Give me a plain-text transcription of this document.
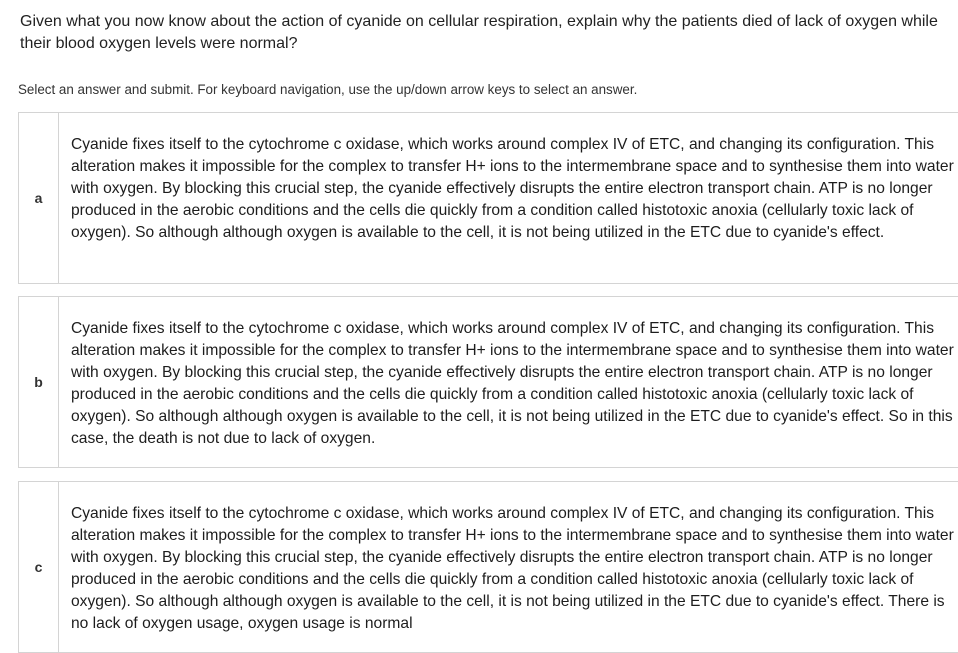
Given what you now know about the action of cyanide on cellular respiration, explain why the patients died of lack of oxygen while their blood oxygen levels were normal?
Select an answer and submit. For keyboard navigation, use the up/down arrow keys to select an answer.
a
Cyanide fixes itself to the cytochrome c oxidase, which works around complex IV of ETC, and changing its configuration. This alteration makes it impossible for the complex to transfer H+ ions to the intermembrane space and to synthesise them into water with oxygen. By blocking this crucial step, the cyanide effectively disrupts the entire electron transport chain. ATP is no longer produced in the aerobic conditions and the cells die quickly from a condition called histotoxic anoxia (cellularly toxic lack of oxygen). So although although oxygen is available to the cell, it is not being utilized in the ETC due to cyanide's effect.
b
Cyanide fixes itself to the cytochrome c oxidase, which works around complex IV of ETC, and changing its configuration. This alteration makes it impossible for the complex to transfer H+ ions to the intermembrane space and to synthesise them into water with oxygen. By blocking this crucial step, the cyanide effectively disrupts the entire electron transport chain. ATP is no longer produced in the aerobic conditions and the cells die quickly from a condition called histotoxic anoxia (cellularly toxic lack of oxygen). So although although oxygen is available to the cell, it is not being utilized in the ETC due to cyanide's effect. So in this case, the death is not due to lack of oxygen.
c
Cyanide fixes itself to the cytochrome c oxidase, which works around complex IV of ETC, and changing its configuration. This alteration makes it impossible for the complex to transfer H+ ions to the intermembrane space and to synthesise them into water with oxygen. By blocking this crucial step, the cyanide effectively disrupts the entire electron transport chain. ATP is no longer produced in the aerobic conditions and the cells die quickly from a condition called histotoxic anoxia (cellularly toxic lack of oxygen). So although although oxygen is available to the cell, it is not being utilized in the ETC due to cyanide's effect. There is no lack of oxygen usage, oxygen usage is normal
